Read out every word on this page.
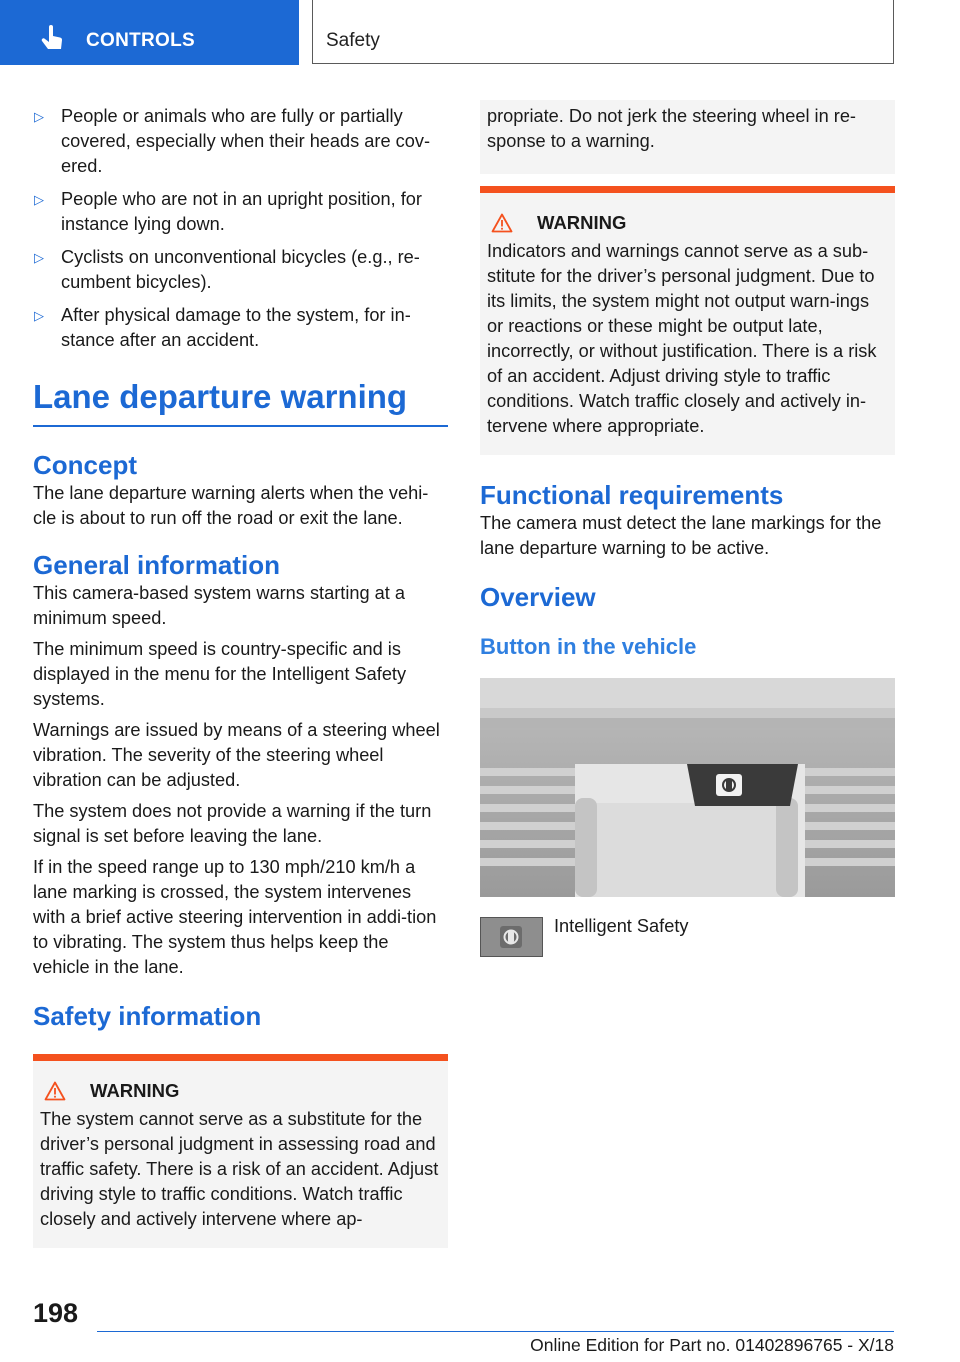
CONTROLS	Safety
▷ People or animals who are fully or partially covered, especially when their heads are cov-ered.
▷ People who are not in an upright position, for instance lying down.
▷ Cyclists on unconventional bicycles (e.g., re-cumbent bicycles).
▷ After physical damage to the system, for in-stance after an accident.
Lane departure warning
Concept

The lane departure warning alerts when the vehi-cle is about to run off the road or exit the lane.

General information

This camera-based system warns starting at a minimum speed.

The minimum speed is country-specific and is displayed in the menu for the Intelligent Safety systems.

Warnings are issued by means of a steering wheel vibration. The severity of the steering wheel vibration can be adjusted.

The system does not provide a warning if the turn signal is set before leaving the lane.

If in the speed range up to 130 mph/210 km/h a lane marking is crossed, the system intervenes with a brief active steering intervention in addi-tion to vibrating. The system thus helps keep the vehicle in the lane.

Safety information
WARNING

The system cannot serve as a substitute for the driver’s personal judgment in assessing road and traffic safety. There is a risk of an accident. Adjust driving style to traffic conditions. Watch traffic closely and actively intervene where ap-

propriate. Do not jerk the steering wheel in re-sponse to a warning.

WARNING

Indicators and warnings cannot serve as a sub-stitute for the driver’s personal judgment. Due to its limits, the system might not output warn-ings or reactions or these might be output late, incorrectly, or without justification. There is a risk of an accident. Adjust driving style to traffic conditions. Watch traffic closely and actively in-tervene where appropriate.

Functional requirements

The camera must detect the lane markings for the lane departure warning to be active.

Overview
Button in the vehicle

Intelligent Safety

198
Online Edition for Part no. 01402896765 - X/18
